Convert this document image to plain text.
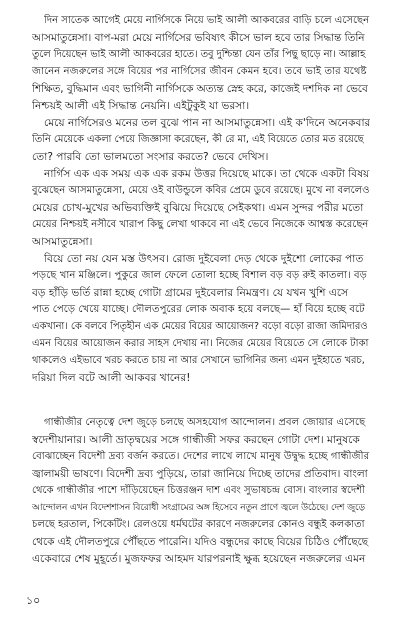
দিন সাতেক আগেই মেয়ে নার্গিসকে নিয়ে ভাই আলী আকবরের বাড়ি চলে এসেছেন
আসমাতুন্নেসা। বাপ-মরা মেয়ে নার্গিসের ভবিষ্যৎ কীসে ভাল হবে তার সিদ্ধান্ত তিনি
তুলে দিয়েছেন ভাই আলী আকবরের হাতে। তবু দুশ্চিন্তা যেন তাঁর পিছু ছাড়ে না। আল্লাহ
জানেন নজরুলের সঙ্গে বিয়ের পর নার্গিসের জীবন কেমন হবে। তবে ভাই তার যথেষ্ট
শিক্ষিত, বুদ্ধিমান এবং ভাগিনী নার্গিসকে অত্যন্ত স্নেহ করে, কাজেই দশদিক না ভেবে
নিশ্চয়ই আলী এই সিদ্ধান্ত নেয়নি। এইটুকুই যা ভরসা।
মেয়ে নার্গিসেরও মনের তল বুঝে পান না আসমাতুন্নেসা। এই ক'দিনে অনেকবার
তিনি মেয়েকে একলা পেয়ে জিজ্ঞাসা করেছেন, কী রে মা, এই বিয়েতে তোর মত রয়েছে
তো? পারবি তো ভালমতো সংসার করতে? ভেবে দেখিস।
নার্গিস এক এক সময় এক এক রকম উত্তর দিয়েছে মাকে। তা থেকে একটা বিষয়
বুঝেছেন আসমাতুন্নেসা, মেয়ে ওই বাউন্ডুলে কবির প্রেমে ডুবে রয়েছে। মুখে না বললেও
মেয়ের চোখ-মুখের অভিব্যক্তিই বুঝিয়ে দিয়েছে সেইকথা। এমন সুন্দর পরীর মতো
মেয়ের নিশ্চয়ই নসীবে খারাপ কিছু লেখা থাকবে না এই ভেবে নিজেকে আশ্বস্ত করেছেন
আসমাতুন্নেসা।
বিয়ে তো নয় যেন মস্ত উৎসব। রোজ দুইবেলা দেড় থেকে দুইশো লোকের পাত
পড়ছে খান মঞ্জিলে। পুকুরে জাল ফেলে তোলা হচ্ছে বিশাল বড় বড় রুই কাতলা। বড়
বড় হাঁড়ি ভর্তি রান্না হচ্ছে গোটা গ্রামের দুইবেলার নিমন্ত্রণ। যে যখন খুশি এসে
পাত পেড়ে খেয়ে যাচ্ছে। দৌলতপুরের লোক অবাক হয়ে বলছে— হাঁ বিয়ে হচ্ছে বটে
একখানা। কে বলবে পিতৃহীন এক মেয়ের বিয়ের আয়োজন? বড়ো বড়ো রাজা জমিদারও
এমন বিয়ের আয়োজন করার সাহস দেখায় না। নিজের মেয়ের বিয়েতে সে লোকে টাকা
থাকলেও এইভাবে খরচ করতে চায় না আর সেখানে ভাগিনির জন্য এমন দুইহাতে খরচ,
দরিয়া দিল বটে আলী আকবর খানের!
গান্ধীজীর নেতৃত্বে দেশ জুড়ে চলছে অসহযোগ আন্দোলন। প্রবল জোয়ার এসেছে
স্বদেশীয়ানার। আলী ভ্রাতৃদ্বয়ের সঙ্গে গান্ধীজী সফর করছেন গোটা দেশ। মানুষকে
বোঝাচ্ছেন বিদেশী দ্রব্য বর্জন করতে। দেশের লাখে লাখে মানুষ উদ্বুদ্ধ হচ্ছে গান্ধীজীর
জ্বালাময়ী ভাষণে। বিদেশী দ্রব্য পুড়িয়ে, তারা জানিয়ে দিচ্ছে তাদের প্রতিবাদ। বাংলা
থেকে গান্ধীজীর পাশে দাঁড়িয়েছেন চিত্তরঞ্জন দাশ এবং সুভাষচন্দ্র বোস। বাংলার স্বদেশী
আন্দোলন এখন বিদেশশাসন বিরোধী সংগ্রামের অঙ্গ হিসেবে নতুন প্রাণে জ্বলে উঠেছে। দেশ জুড়ে
চলছে হরতাল, পিকেটিং। রেলওয়ে ধর্মঘটের কারণে নজরুলের কোনও বন্ধুই কলকাতা
থেকে এই দৌলতপুরে পৌঁছতে পারেনি। যদিও বন্ধুদের কাছে বিয়ের চিঠিও পৌঁছেছে
একেবারে শেষ মুহূর্তে। মুজফফর আহমদ যারপরনাই ক্ষুব্ধ হয়েছেন নজরুলের এমন
১০
